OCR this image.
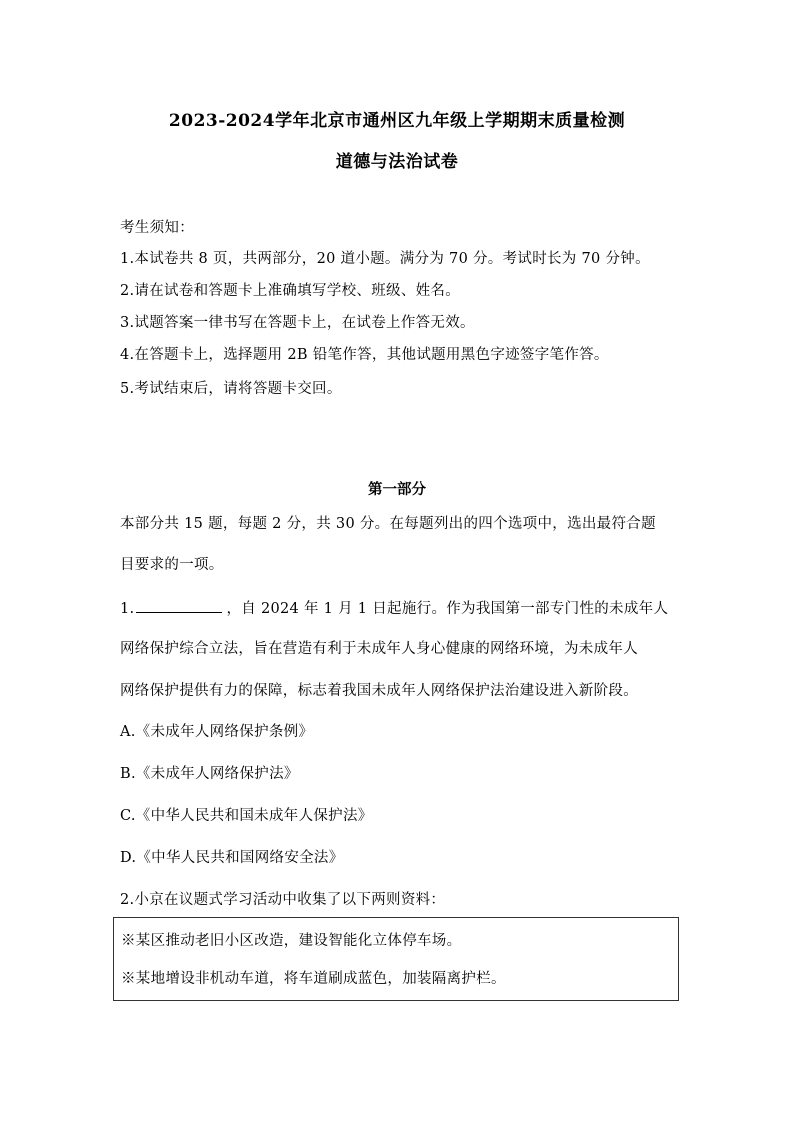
2023-2024学年北京市通州区九年级上学期期末质量检测
道德与法治试卷
考生须知：
1.本试卷共 8 页，共两部分，20 道小题。满分为 70 分。考试时长为 70 分钟。
2.请在试卷和答题卡上准确填写学校、班级、姓名。
3.试题答案一律书写在答题卡上，在试卷上作答无效。
4.在答题卡上，选择题用 2B 铅笔作答，其他试题用黑色字迹签字笔作答。
5.考试结束后，请将答题卡交回。
第一部分
本部分共 15 题，每题 2 分，共 30 分。在每题列出的四个选项中，选出最符合题
目要求的一项。
1.	，自 2024 年 1 月 1 日起施行。作为我国第一部专门性的未成年人
网络保护综合立法，旨在营造有利于未成年人身心健康的网络环境，为未成年人
网络保护提供有力的保障，标志着我国未成年人网络保护法治建设进入新阶段。
A.《未成年人网络保护条例》
B.《未成年人网络保护法》
C.《中华人民共和国未成年人保护法》
D.《中华人民共和国网络安全法》
2.小京在议题式学习活动中收集了以下两则资料：
※某区推动老旧小区改造，建设智能化立体停车场。
※某地增设非机动车道，将车道刷成蓝色，加装隔离护栏。
